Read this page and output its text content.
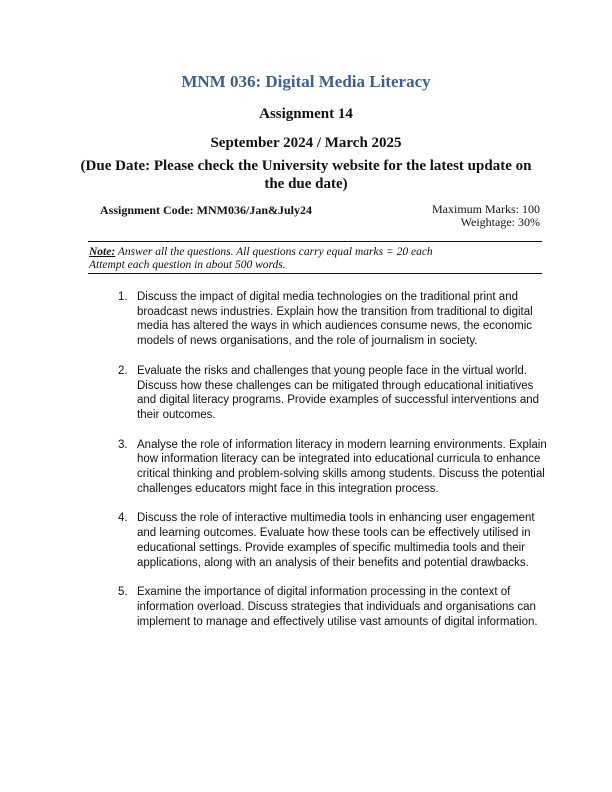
MNM 036: Digital Media Literacy
Assignment 14
September 2024 / March 2025
(Due Date: Please check the University website for the latest update on
the due date)
Assignment Code: MNM036/Jan&July24	Maximum Marks: 100
Weightage: 30%
Note: Answer all the questions. All questions carry equal marks = 20 each
Attempt each question in about 500 words.
1. Discuss the impact of digital media technologies on the traditional print and broadcast news industries. Explain how the transition from traditional to digital media has altered the ways in which audiences consume news, the economic models of news organisations, and the role of journalism in society.
2. Evaluate the risks and challenges that young people face in the virtual world. Discuss how these challenges can be mitigated through educational initiatives and digital literacy programs. Provide examples of successful interventions and their outcomes.
3. Analyse the role of information literacy in modern learning environments. Explain how information literacy can be integrated into educational curricula to enhance critical thinking and problem-solving skills among students. Discuss the potential challenges educators might face in this integration process.
4. Discuss the role of interactive multimedia tools in enhancing user engagement and learning outcomes. Evaluate how these tools can be effectively utilised in educational settings. Provide examples of specific multimedia tools and their applications, along with an analysis of their benefits and potential drawbacks.
5. Examine the importance of digital information processing in the context of information overload. Discuss strategies that individuals and organisations can implement to manage and effectively utilise vast amounts of digital information.
